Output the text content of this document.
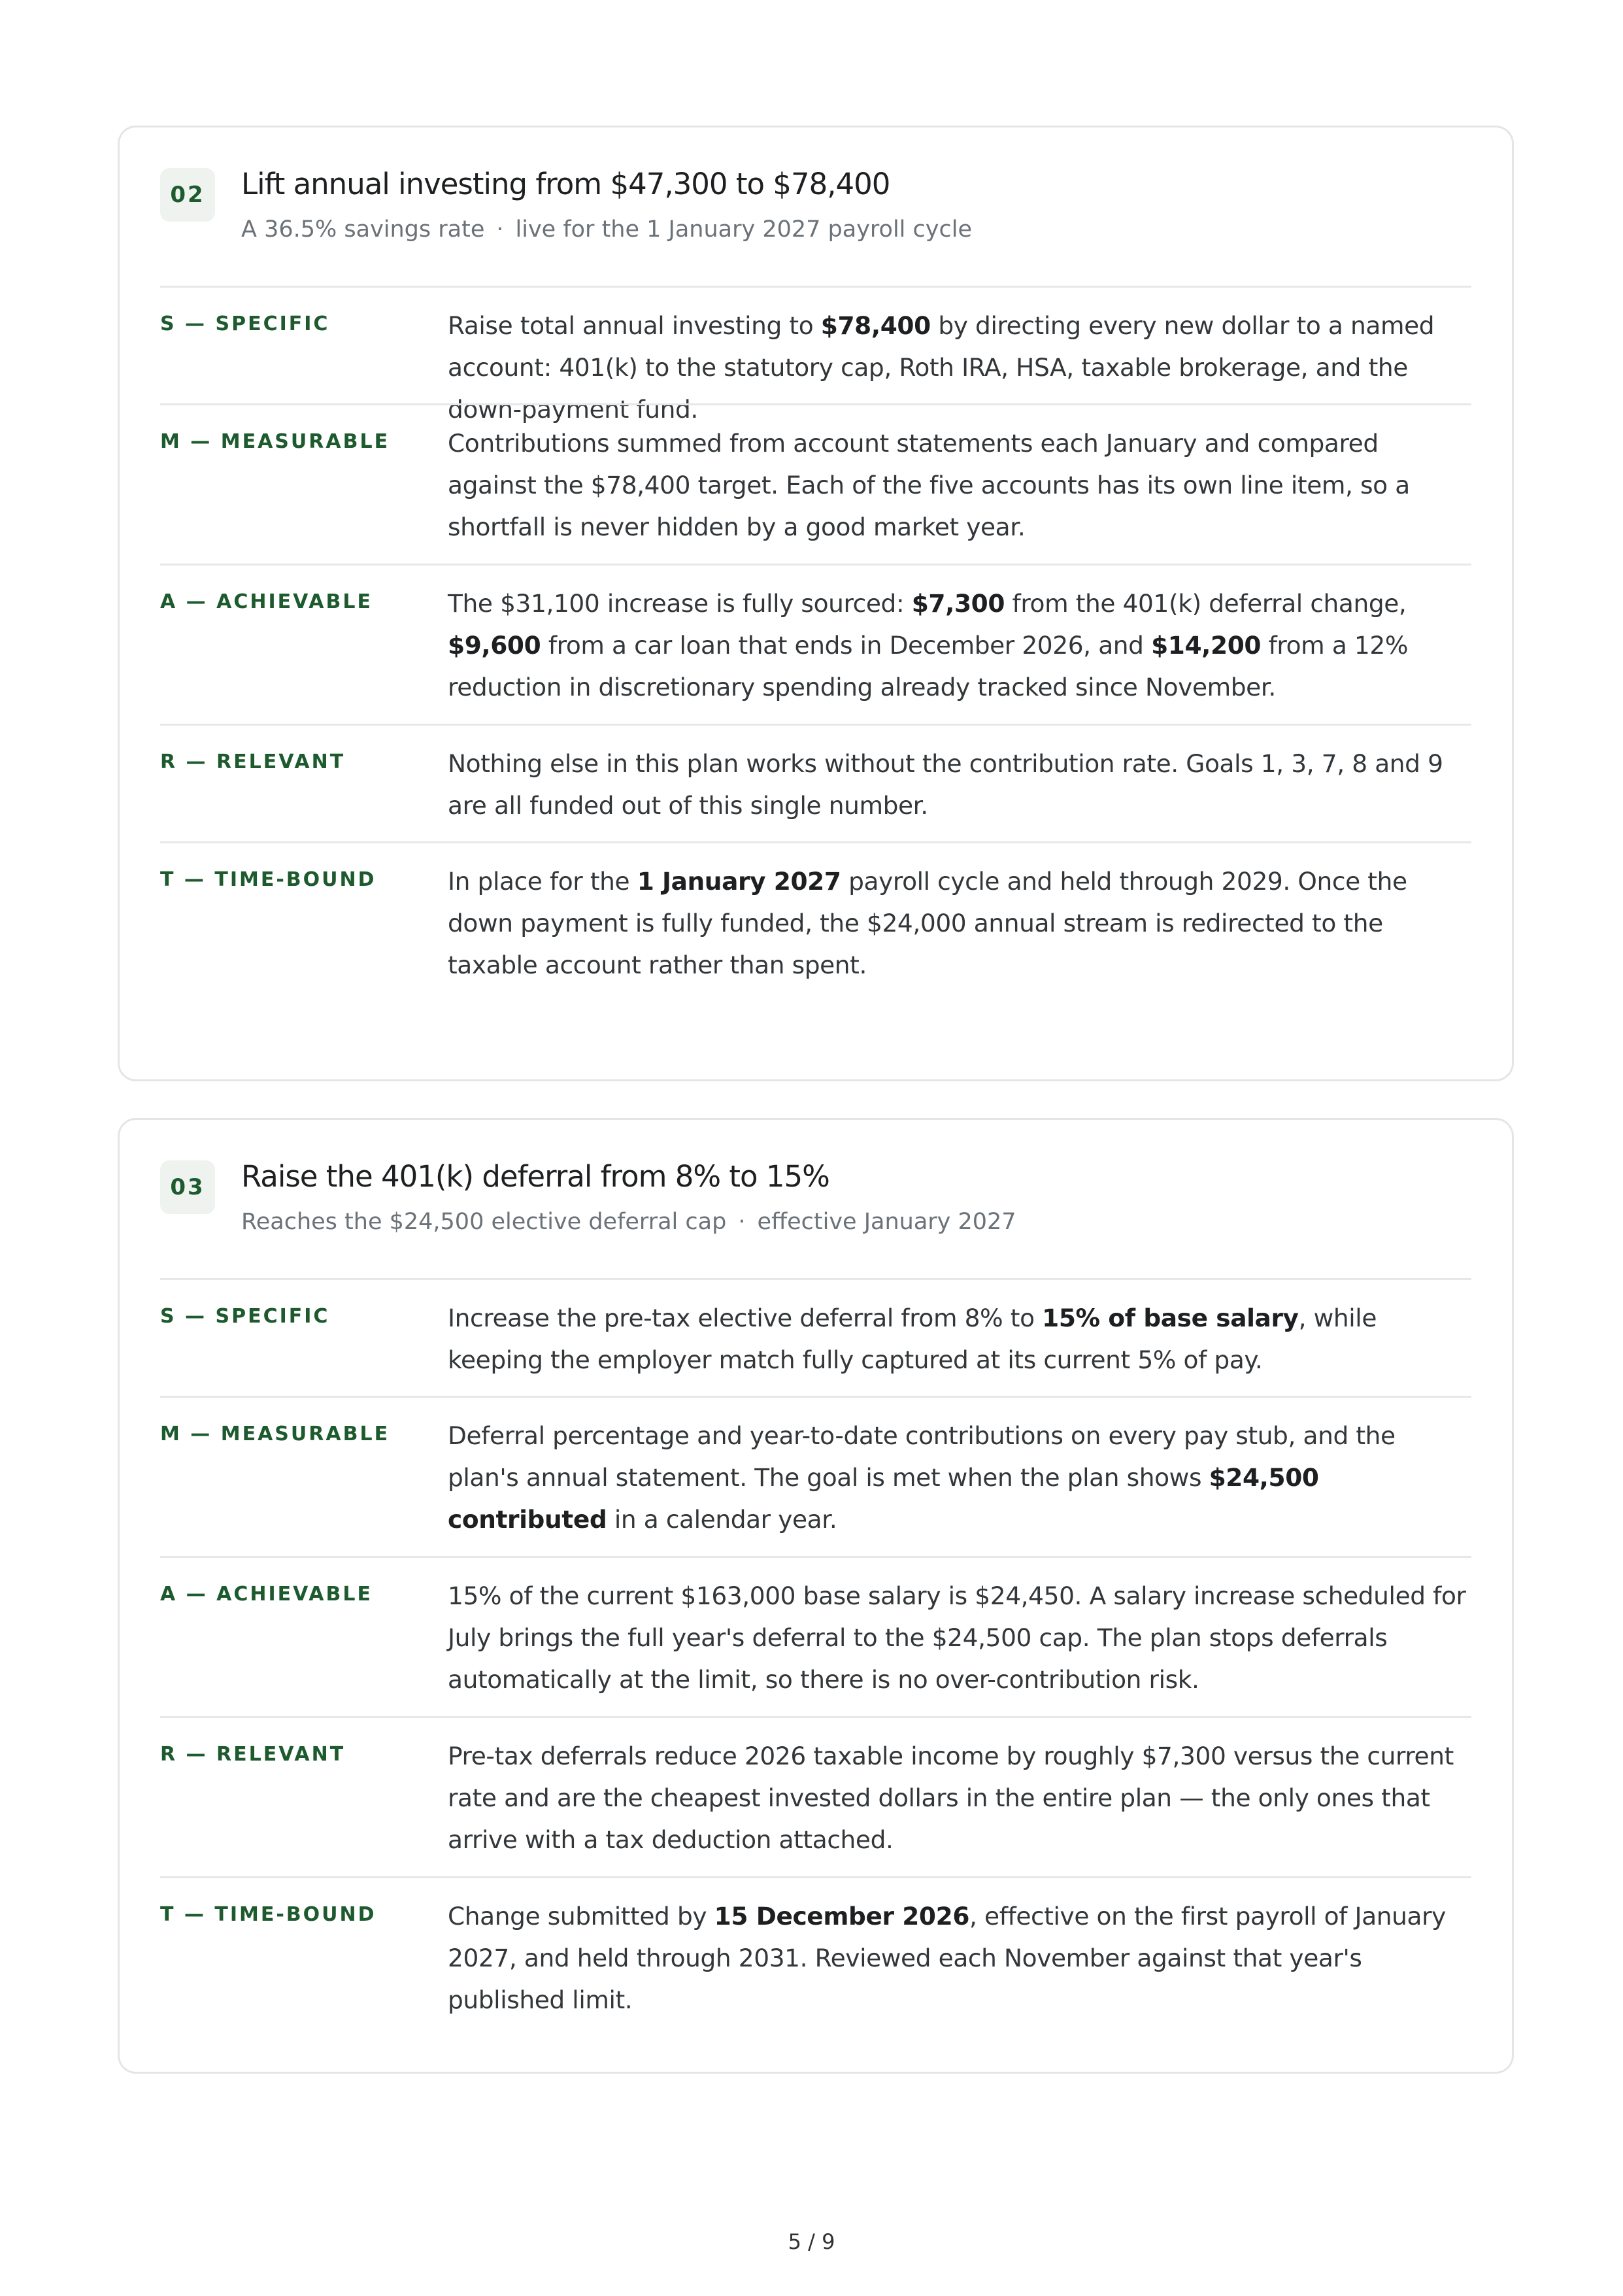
02	Lift annual investing from $47,300 to $78,400
A 36.5% savings rate · live for the 1 January 2027 payroll cycle
S — SPECIFIC	Raise total annual investing to $78,400 by directing every new dollar to a named account: 401(k) to the statutory cap, Roth IRA, HSA, taxable brokerage, and the down-payment fund.
M — MEASURABLE Contributions summed from account statements each January and compared against the $78,400 target. Each of the five accounts has its own line item, so a shortfall is never hidden by a good market year.
A — ACHIEVABLE	The $31,100 increase is fully sourced: $7,300 from the 401(k) deferral change, $9,600 from a car loan that ends in December 2026, and $14,200 from a 12% reduction in discretionary spending already tracked since November.
R — RELEVANT	Nothing else in this plan works without the contribution rate. Goals 1, 3, 7, 8 and 9 are all funded out of this single number.
T — TIME-BOUND	In place for the 1 January 2027 payroll cycle and held through 2029. Once the down payment is fully funded, the $24,000 annual stream is redirected to the taxable account rather than spent.
03	Raise the 401(k) deferral from 8% to 15%
Reaches the $24,500 elective deferral cap · effective January 2027
S — SPECIFIC	Increase the pre-tax elective deferral from 8% to 15% of base salary, while keeping the employer match fully captured at its current 5% of pay.
M — MEASURABLE Deferral percentage and year-to-date contributions on every pay stub, and the plan's annual statement. The goal is met when the plan shows $24,500 contributed in a calendar year.
A — ACHIEVABLE	15% of the current $163,000 base salary is $24,450. A salary increase scheduled for July brings the full year's deferral to the $24,500 cap. The plan stops deferrals automatically at the limit, so there is no over-contribution risk.
R — RELEVANT	Pre-tax deferrals reduce 2026 taxable income by roughly $7,300 versus the current rate and are the cheapest invested dollars in the entire plan — the only ones that arrive with a tax deduction attached.
T — TIME-BOUND	Change submitted by 15 December 2026, effective on the first payroll of January 2027, and held through 2031. Reviewed each November against that year's published limit.
5 / 9
